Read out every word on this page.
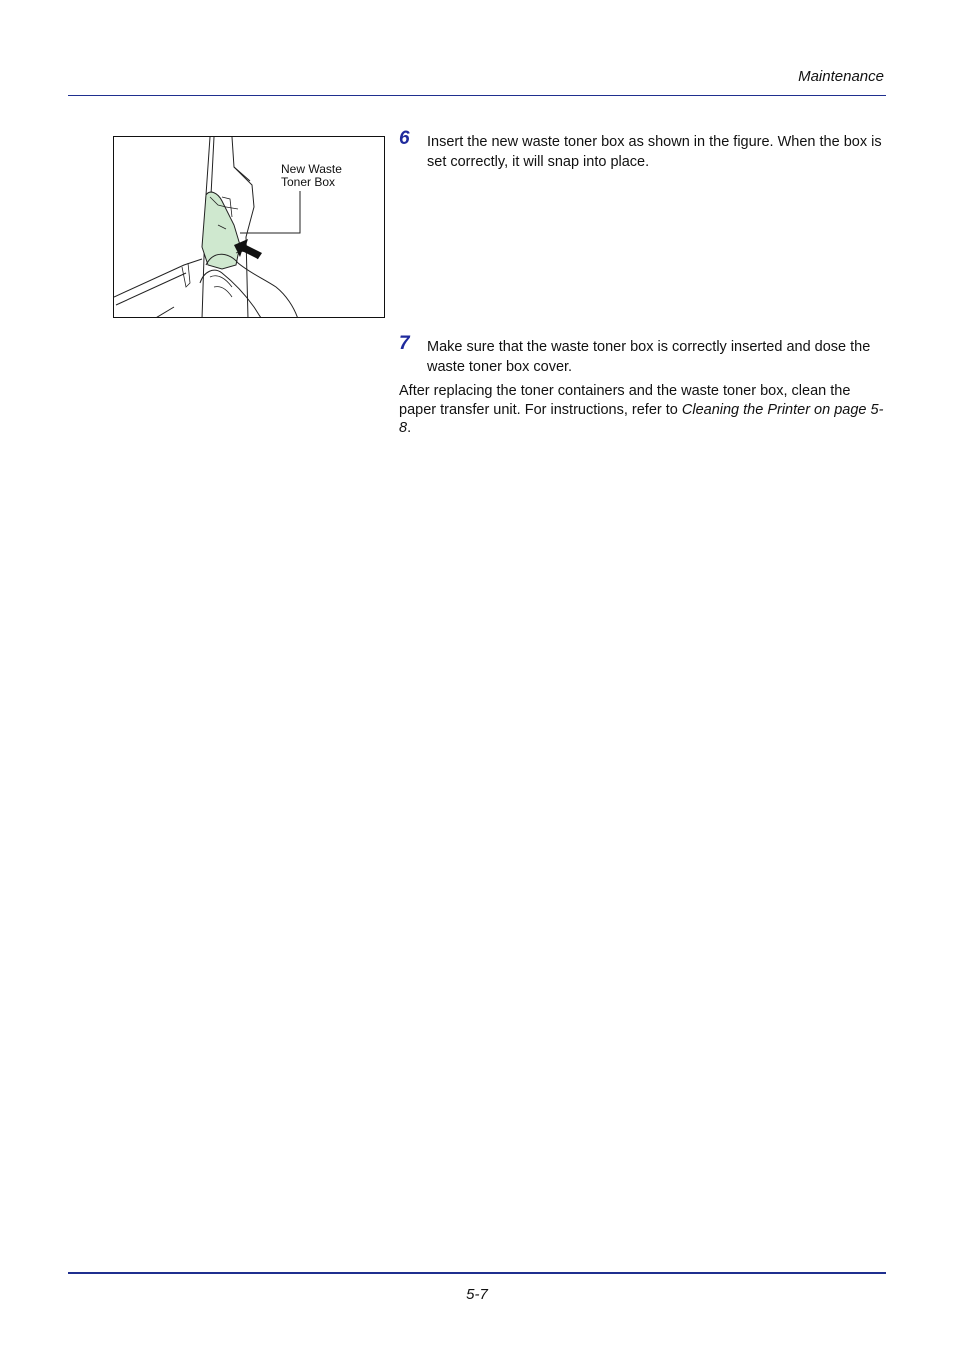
Maintenance
New Waste
Toner Box
6 Insert the new waste toner box as shown in the figure. When the box is set correctly, it will snap into place.
7 Make sure that the waste toner box is correctly inserted and dose the waste toner box cover.
After replacing the toner containers and the waste toner box, clean the paper transfer unit. For instructions, refer to Cleaning the Printer on page 5-8.
5-7
